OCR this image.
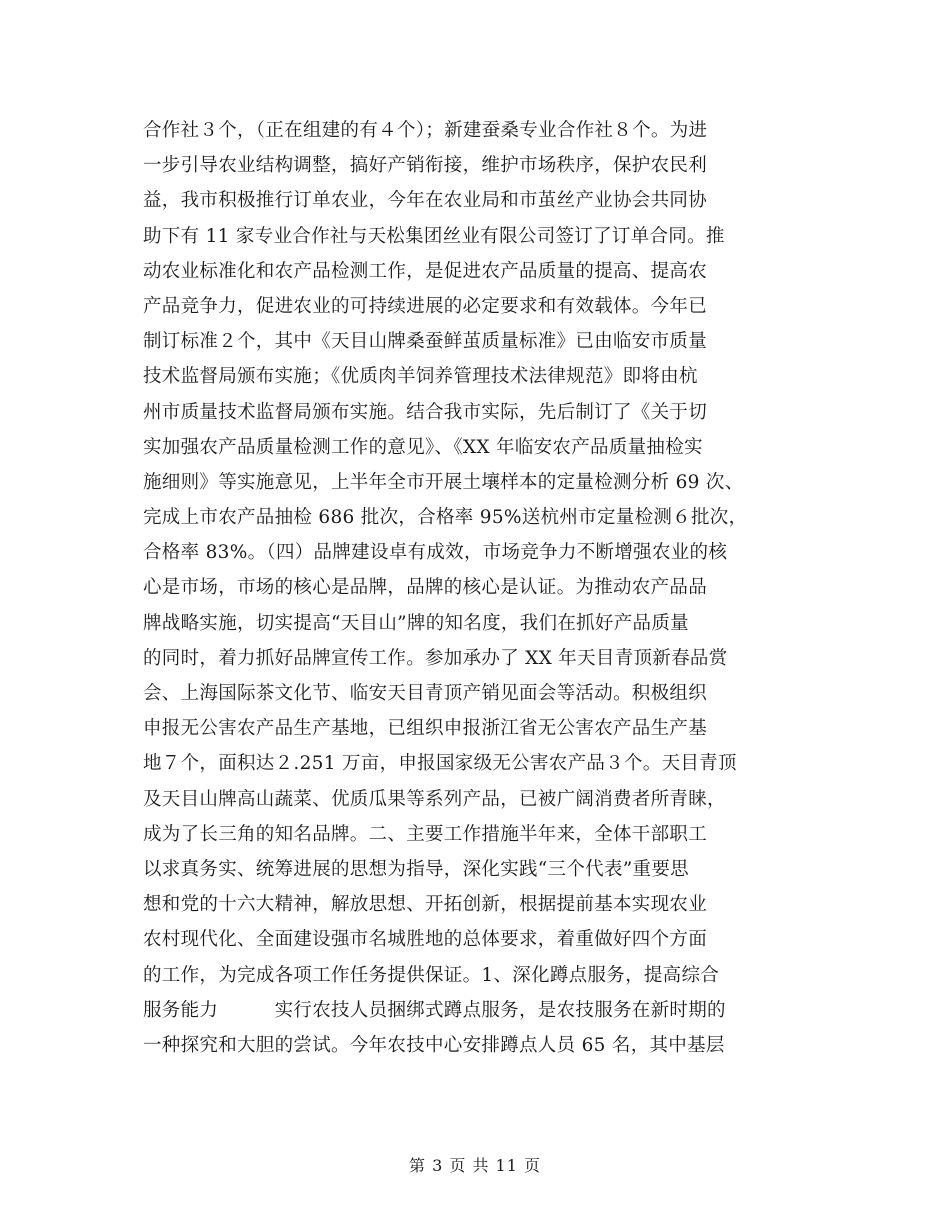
合作社３个，（正在组建的有４个）；新建蚕桑专业合作社８个。为进
一步引导农业结构调整，搞好产销衔接，维护市场秩序，保护农民利
益，我市积极推行订单农业，今年在农业局和市茧丝产业协会共同协
助下有 11 家专业合作社与天松集团丝业有限公司签订了订单合同。推
动农业标准化和农产品检测工作，是促进农产品质量的提高、提高农
产品竞争力，促进农业的可持续进展的必定要求和有效载体。今年已
制订标准２个，其中《天目山牌桑蚕鲜茧质量标准》已由临安市质量
技术监督局颁布实施；《优质肉羊饲养管理技术法律规范》即将由杭
州市质量技术监督局颁布实施。结合我市实际，先后制订了《关于切
实加强农产品质量检测工作的意见》、《XX 年临安农产品质量抽检实
施细则》等实施意见，上半年全市开展土壤样本的定量检测分析 69 次、
完成上市农产品抽检 686 批次，合格率 95%送杭州市定量检测６批次，
合格率 83%。（四）品牌建设卓有成效，市场竞争力不断增强农业的核
心是市场，市场的核心是品牌，品牌的核心是认证。为推动农产品品
牌战略实施，切实提高“天目山”牌的知名度，我们在抓好产品质量
的同时，着力抓好品牌宣传工作。参加承办了 XX 年天目青顶新春品赏
会、上海国际茶文化节、临安天目青顶产销见面会等活动。积极组织
申报无公害农产品生产基地，已组织申报浙江省无公害农产品生产基
地７个，面积达２.251 万亩，申报国家级无公害农产品３个。天目青顶
及天目山牌高山蔬菜、优质瓜果等系列产品，已被广阔消费者所青睐，
成为了长三角的知名品牌。二、主要工作措施半年来，全体干部职工
以求真务实、统筹进展的思想为指导，深化实践“三个代表”重要思
想和党的十六大精神，解放思想、开拓创新，根据提前基本实现农业
农村现代化、全面建设强市名城胜地的总体要求，着重做好四个方面
的工作，为完成各项工作任务提供保证。1、深化蹲点服务，提高综合
服务能力　　　实行农技人员捆绑式蹲点服务，是农技服务在新时期的
一种探究和大胆的尝试。今年农技中心安排蹲点人员 65 名，其中基层
第 3 页 共 11 页
